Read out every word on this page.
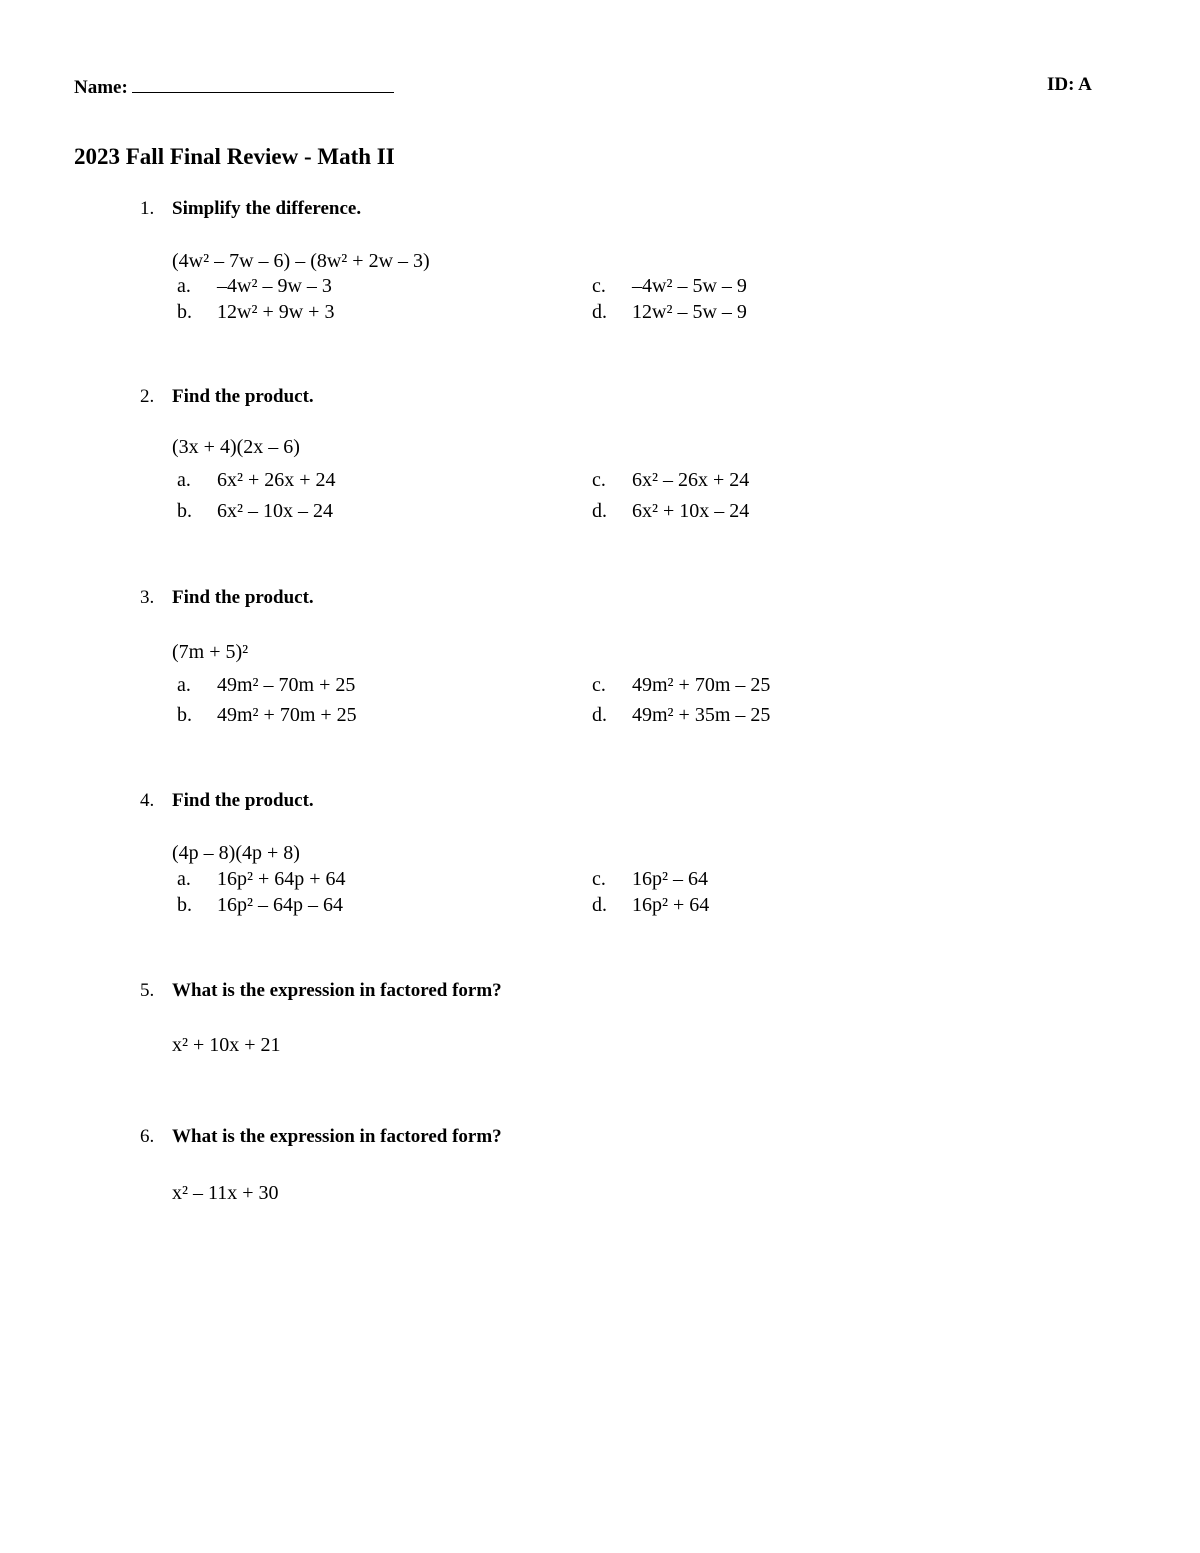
Name:	ID: A
2023 Fall Final Review - Math II
1. Simplify the difference.
(4w² – 7w – 6) – (8w² + 2w – 3)
a. –4w² – 9w – 3
b. 12w² + 9w + 3
c. –4w² – 5w – 9
d. 12w² – 5w – 9
2. Find the product.
(3x + 4)(2x – 6)
a. 6x² + 26x + 24
b. 6x² – 10x – 24
c. 6x² – 26x + 24
d. 6x² + 10x – 24
3. Find the product.
(7m + 5)²
a. 49m² – 70m + 25
b. 49m² + 70m + 25
c. 49m² + 70m – 25
d. 49m² + 35m – 25
4. Find the product.
(4p – 8)(4p + 8)
a. 16p² + 64p + 64
b. 16p² – 64p – 64
c. 16p² – 64
d. 16p² + 64
5. What is the expression in factored form?
x² + 10x + 21
6. What is the expression in factored form?
x² – 11x + 30
